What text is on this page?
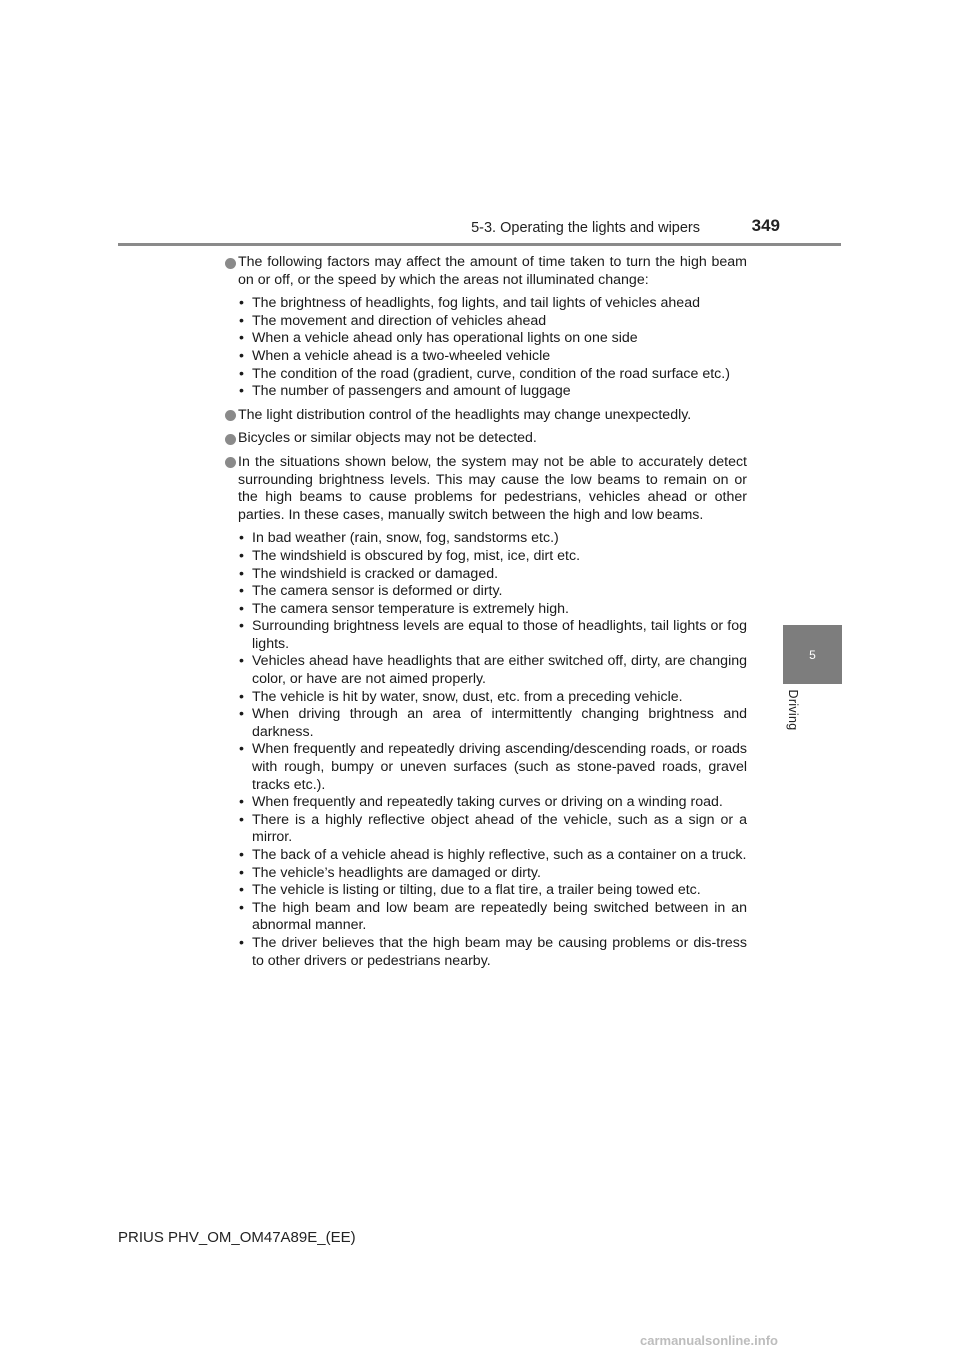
5-3. Operating the lights and wipers	349
5
Driving
The following factors may affect the amount of time taken to turn the high beam on or off, or the speed by which the areas not illuminated change:
• The brightness of headlights, fog lights, and tail lights of vehicles ahead
• The movement and direction of vehicles ahead
• When a vehicle ahead only has operational lights on one side
• When a vehicle ahead is a two-wheeled vehicle
• The condition of the road (gradient, curve, condition of the road surface etc.)
• The number of passengers and amount of luggage
The light distribution control of the headlights may change unexpectedly.
Bicycles or similar objects may not be detected.
In the situations shown below, the system may not be able to accurately detect surrounding brightness levels. This may cause the low beams to remain on or the high beams to cause problems for pedestrians, vehicles ahead or other parties. In these cases, manually switch between the high and low beams.
• In bad weather (rain, snow, fog, sandstorms etc.)
• The windshield is obscured by fog, mist, ice, dirt etc.
• The windshield is cracked or damaged.
• The camera sensor is deformed or dirty.
• The camera sensor temperature is extremely high.
• Surrounding brightness levels are equal to those of headlights, tail lights or fog lights.
• Vehicles ahead have headlights that are either switched off, dirty, are changing color, or have are not aimed properly.
• The vehicle is hit by water, snow, dust, etc. from a preceding vehicle.
• When driving through an area of intermittently changing brightness and darkness.
• When frequently and repeatedly driving ascending/descending roads, or roads with rough, bumpy or uneven surfaces (such as stone-paved roads, gravel tracks etc.).
• When frequently and repeatedly taking curves or driving on a winding road.
• There is a highly reflective object ahead of the vehicle, such as a sign or a mirror.
• The back of a vehicle ahead is highly reflective, such as a container on a truck.
• The vehicle’s headlights are damaged or dirty.
• The vehicle is listing or tilting, due to a flat tire, a trailer being towed etc.
• The high beam and low beam are repeatedly being switched between in an abnormal manner.
• The driver believes that the high beam may be causing problems or dis-tress to other drivers or pedestrians nearby.
PRIUS PHV_OM_OM47A89E_(EE)
carmanualsonline.info
